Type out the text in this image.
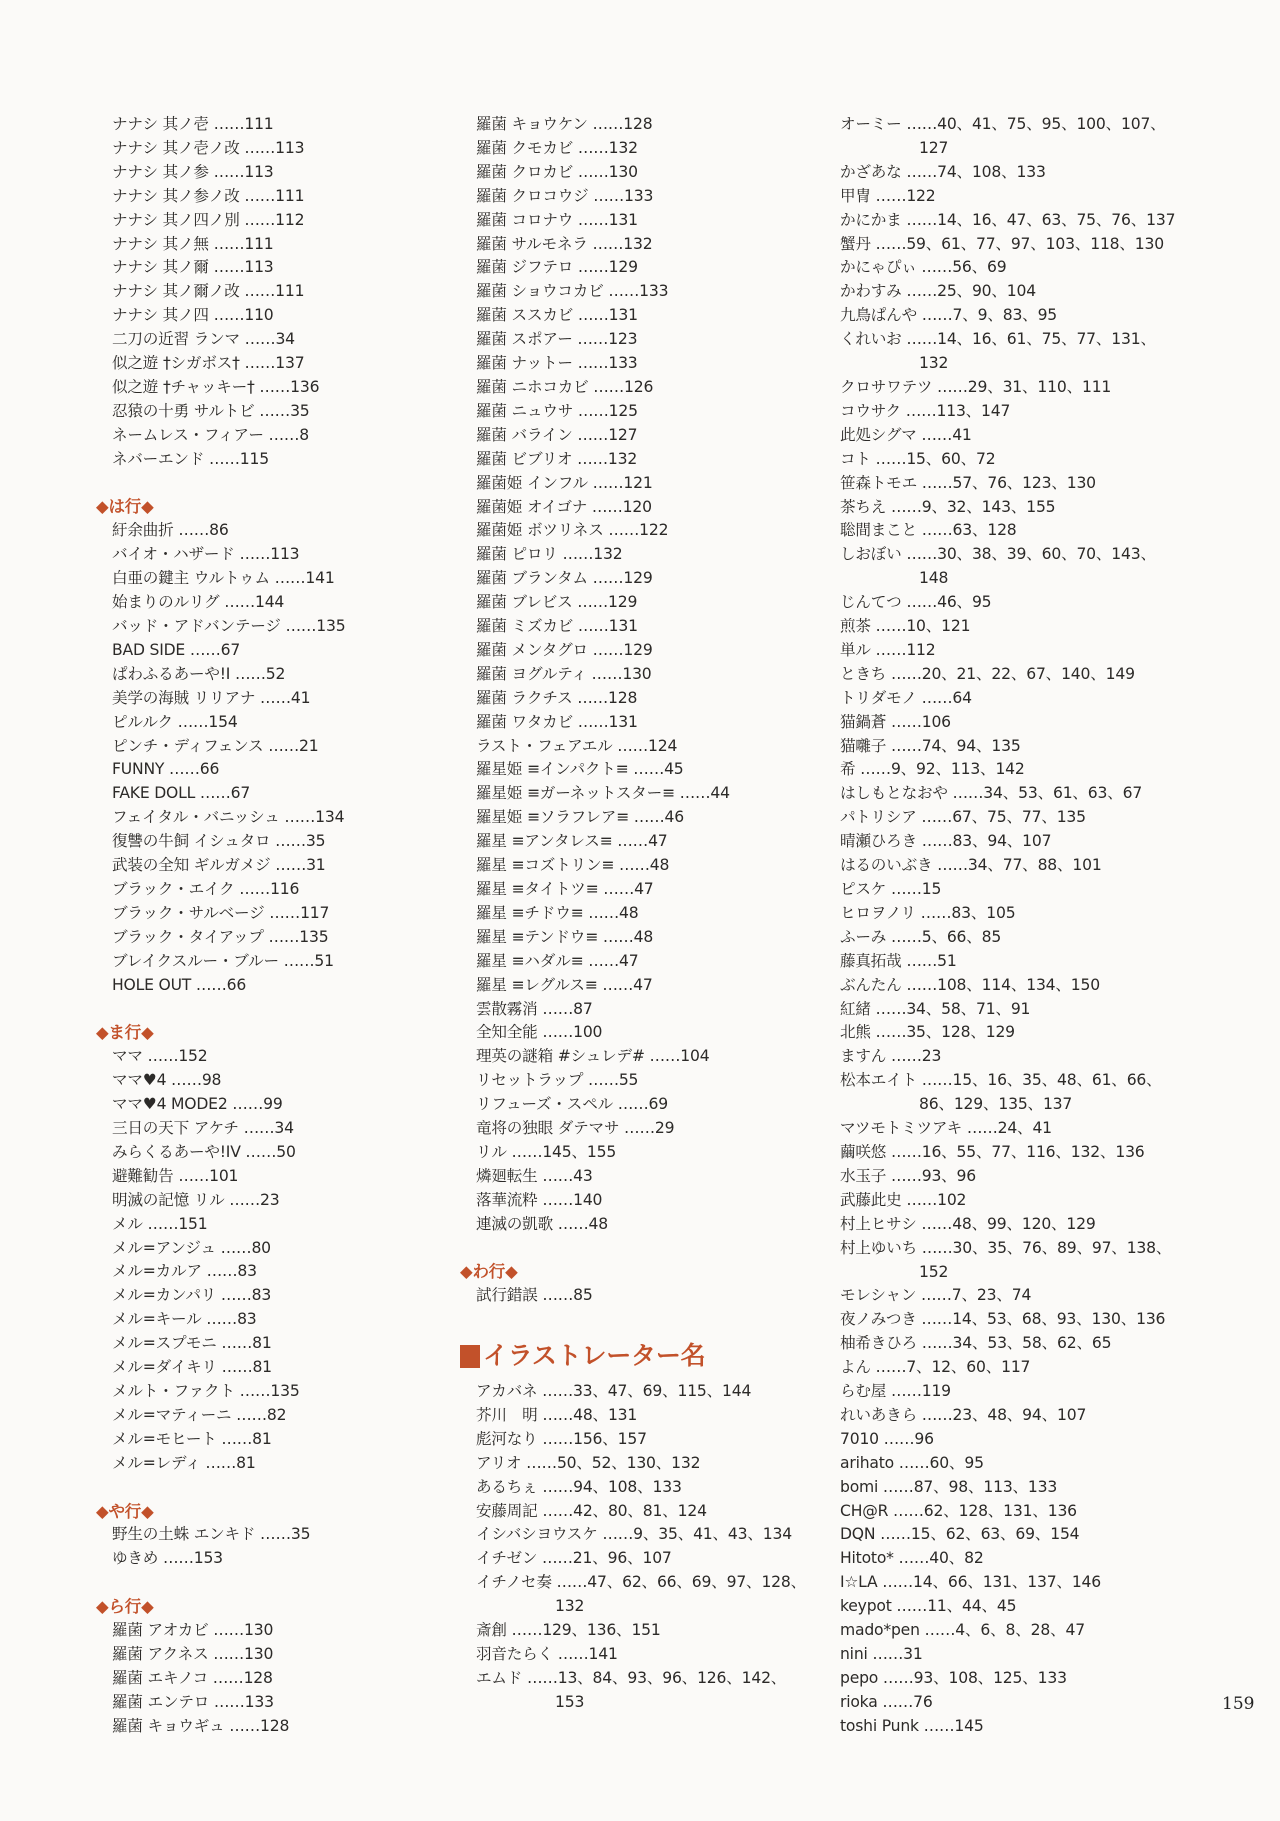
ナナシ 其ノ壱 ……111
ナナシ 其ノ壱ノ改 ……113
ナナシ 其ノ参 ……113
ナナシ 其ノ参ノ改 ……111
ナナシ 其ノ四ノ別 ……112
ナナシ 其ノ無 ……111
ナナシ 其ノ爾 ……113
ナナシ 其ノ爾ノ改 ……111
ナナシ 其ノ四 ……110
二刀の近習 ランマ ……34
似之遊 †シガボス† ……137
似之遊 †チャッキー† ……136
忍猿の十勇 サルトビ ……35
ネームレス・フィアー ……8
ネバーエンド ……115
◆は行◆
紆余曲折 ……86
バイオ・ハザード ……113
白亜の鍵主 ウルトゥム ……141
始まりのルリグ ……144
バッド・アドバンテージ ……135
BAD SIDE ……67
ぱわふるあーや!I ……52
美学の海賊 リリアナ ……41
ピルルク ……154
ピンチ・ディフェンス ……21
FUNNY ……66
FAKE DOLL ……67
フェイタル・バニッシュ ……134
復讐の牛飼 イシュタロ ……35
武装の全知 ギルガメジ ……31
ブラック・エイク ……116
ブラック・サルベージ ……117
ブラック・タイアップ ……135
ブレイクスルー・ブルー ……51
HOLE OUT ……66
◆ま行◆
ママ ……152
ママ♥4 ……98
ママ♥4 MODE2 ……99
三日の天下 アケチ ……34
みらくるあーや!IV ……50
避難勧告 ……101
明滅の記憶 リル ……23
メル ……151
メル=アンジュ ……80
メル=カルア ……83
メル=カンパリ ……83
メル=キール ……83
メル=スプモニ ……81
メル=ダイキリ ……81
メルト・ファクト ……135
メル=マティーニ ……82
メル=モヒート ……81
メル=レディ ……81
◆や行◆
野生の土蛛 エンキド ……35
ゆきめ ……153
◆ら行◆
羅菌 アオカビ ……130
羅菌 アクネス ……130
羅菌 エキノコ ……128
羅菌 エンテロ ……133
羅菌 キョウギュ ……128
羅菌 キョウケン ……128
羅菌 クモカビ ……132
羅菌 クロカビ ……130
羅菌 クロコウジ ……133
羅菌 コロナウ ……131
羅菌 サルモネラ ……132
羅菌 ジフテロ ……129
羅菌 ショウコカビ ……133
羅菌 ススカビ ……131
羅菌 スポアー ……123
羅菌 ナットー ……133
羅菌 ニホコカビ ……126
羅菌 ニュウサ ……125
羅菌 バライン ……127
羅菌 ビブリオ ……132
羅菌姫 インフル ……121
羅菌姫 オイゴナ ……120
羅菌姫 ボツリネス ……122
羅菌 ピロリ ……132
羅菌 ブランタム ……129
羅菌 ブレビス ……129
羅菌 ミズカビ ……131
羅菌 メンタグロ ……129
羅菌 ヨグルティ ……130
羅菌 ラクチス ……128
羅菌 ワタカビ ……131
ラスト・フェアエル ……124
羅星姫 ≡インパクト≡ ……45
羅星姫 ≡ガーネットスター≡ ……44
羅星姫 ≡ソラフレア≡ ……46
羅星 ≡アンタレス≡ ……47
羅星 ≡コズトリン≡ ……48
羅星 ≡タイトツ≡ ……47
羅星 ≡チドウ≡ ……48
羅星 ≡テンドウ≡ ……48
羅星 ≡ハダル≡ ……47
羅星 ≡レグルス≡ ……47
雲散霧消 ……87
全知全能 ……100
理英の謎箱 #シュレデ# ……104
リセットラップ ……55
リフューズ・スペル ……69
竜将の独眼 ダテマサ ……29
リル ……145、155
燐廻転生 ……43
落華流粋 ……140
連滅の凱歌 ……48
◆わ行◆
試行錯誤 ……85
イラストレーター名
アカバネ ……33、47、69、115、144
芥川　明 ……48、131
彪河なり ……156、157
アリオ ……50、52、130、132
あるちぇ ……94、108、133
安藤周記 ……42、80、81、124
イシバシヨウスケ ……9、35、41、43、134
イチゼン ……21、96、107
イチノセ奏 ……47、62、66、69、97、128、
132
斎創 ……129、136、151
羽音たらく ……141
エムド ……13、84、93、96、126、142、
153
オーミー ……40、41、75、95、100、107、
127
かざあな ……74、108、133
甲冑 ……122
かにかま ……14、16、47、63、75、76、137
蟹丹 ……59、61、77、97、103、118、130
かにゃぴぃ ……56、69
かわすみ ……25、90、104
九鳥ぱんや ……7、9、83、95
くれいお ……14、16、61、75、77、131、
132
クロサワテツ ……29、31、110、111
コウサク ……113、147
此処シグマ ……41
コト ……15、60、72
笹森トモエ ……57、76、123、130
茶ちえ ……9、32、143、155
聡間まこと ……63、128
しおぼい ……30、38、39、60、70、143、
148
じんてつ ……46、95
煎茶 ……10、121
単ル ……112
ときち ……20、21、22、67、140、149
トリダモノ ……64
猫鍋蒼 ……106
猫囃子 ……74、94、135
希 ……9、92、113、142
はしもとなおや ……34、53、61、63、67
パトリシア ……67、75、77、135
晴瀬ひろき ……83、94、107
はるのいぶき ……34、77、88、101
ピスケ ……15
ヒロヲノリ ……83、105
ふーみ ……5、66、85
藤真拓哉 ……51
ぶんたん ……108、114、134、150
紅緒 ……34、58、71、91
北熊 ……35、128、129
ますん ……23
松本エイト ……15、16、35、48、61、66、
86、129、135、137
マツモトミツアキ ……24、41
繭咲悠 ……16、55、77、116、132、136
水玉子 ……93、96
武藤此史 ……102
村上ヒサシ ……48、99、120、129
村上ゆいち ……30、35、76、89、97、138、
152
モレシャン ……7、23、74
夜ノみつき ……14、53、68、93、130、136
柚希きひろ ……34、53、58、62、65
よん ……7、12、60、117
らむ屋 ……119
れいあきら ……23、48、94、107
7010 ……96
arihato ……60、95
bomi ……87、98、113、133
CH@R ……62、128、131、136
DQN ……15、62、63、69、154
Hitoto* ……40、82
I☆LA ……14、66、131、137、146
keypot ……11、44、45
mado*pen ……4、6、8、28、47
nini ……31
pepo ……93、108、125、133
rioka ……76
toshi Punk ……145
159
